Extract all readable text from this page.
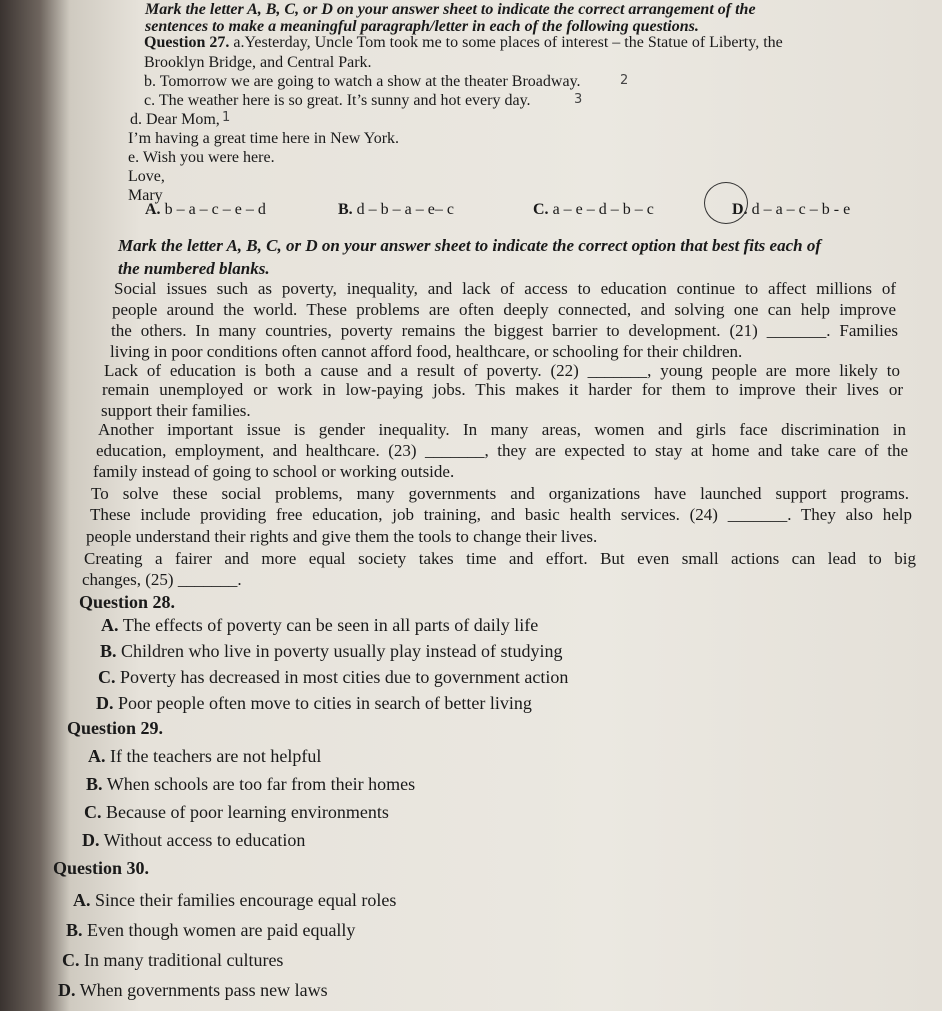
Mark the letter A, B, C, or D on your answer sheet to indicate the correct arrangement of the
sentences to make a meaningful paragraph/letter in each of the following questions.
Question 27. a.Yesterday, Uncle Tom took me to some places of interest – the Statue of Liberty, the
Brooklyn Bridge, and Central Park.
b. Tomorrow we are going to watch a show at the theater Broadway.	2
c. The weather here is so great. It’s sunny and hot every day.	3
d. Dear Mom, 1
I’m having a great time here in New York.
e. Wish you were here.
Love,
Mary
A. b – a – c – e – d	B. d – b – a – e– c	C. a – e – d – b – c	D. d – a – c – b - e
Mark the letter A, B, C, or D on your answer sheet to indicate the correct option that best fits each of
the numbered blanks.
Social issues such as poverty, inequality, and lack of access to education continue to affect millions of
people around the world. These problems are often deeply connected, and solving one can help improve
the others. In many countries, poverty remains the biggest barrier to development. (21) _______. Families
living in poor conditions often cannot afford food, healthcare, or schooling for their children.
Lack of education is both a cause and a result of poverty. (22) _______, young people are more likely to
remain unemployed or work in low-paying jobs. This makes it harder for them to improve their lives or
support their families.
Another important issue is gender inequality. In many areas, women and girls face discrimination in
education, employment, and healthcare. (23) _______, they are expected to stay at home and take care of the
family instead of going to school or working outside.
To solve these social problems, many governments and organizations have launched support programs.
These include providing free education, job training, and basic health services. (24) _______. They also help
people understand their rights and give them the tools to change their lives.
Creating a fairer and more equal society takes time and effort. But even small actions can lead to big
changes, (25) _______.
Question 28.
A. The effects of poverty can be seen in all parts of daily life
B. Children who live in poverty usually play instead of studying
C. Poverty has decreased in most cities due to government action
D. Poor people often move to cities in search of better living
Question 29.
A. If the teachers are not helpful
B. When schools are too far from their homes
C. Because of poor learning environments
D. Without access to education
Question 30.
A. Since their families encourage equal roles
B. Even though women are paid equally
C. In many traditional cultures
D. When governments pass new laws
